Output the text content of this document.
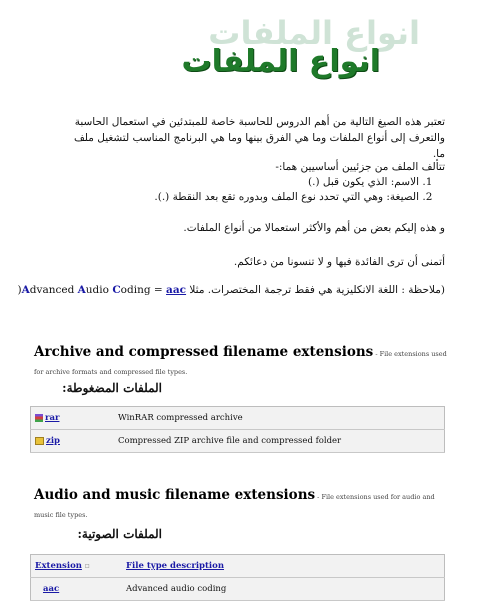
انواع الملفات
انواع الملفات
تعتبر هذه الصيغ التالية من أهم الدروس للحاسبة خاصة للمبتدئين في استعمال الحاسبة
والتعرف إلى أنواع الملفات وما هي الفرق بينها وما هي البرنامج المناسب لتشغيل ملف ما.
تتألف الملف من جزئيين أساسيين هما:-
1. الاسم: الذي يكون قبل (.)
2. الصيغة: وهي التي تحدد نوع الملف وبدوره تقع بعد النقطة (.).
و هذه إليكم بعض من أهم والأكثر استعمالا من أنواع الملفات.
أتمنى أن ترى الفائدة فيها و لا تنسونا من دعائكم.
(ملاحظة : اللغة الانكليزية هي فقط ترجمة المختصرات. مثلا )Advanced Audio Coding = aac
Archive and compressed filename extensions - File extensions used for archive formats and compressed file types.
الملفات المضغوطة:
rar	WinRAR compressed archive
zip	Compressed ZIP archive file and compressed folder
Audio and music filename extensions - File extensions used for audio and music file types.
الملفات الصوتية:
Extension ▫	File type description
aac	Advanced audio coding
